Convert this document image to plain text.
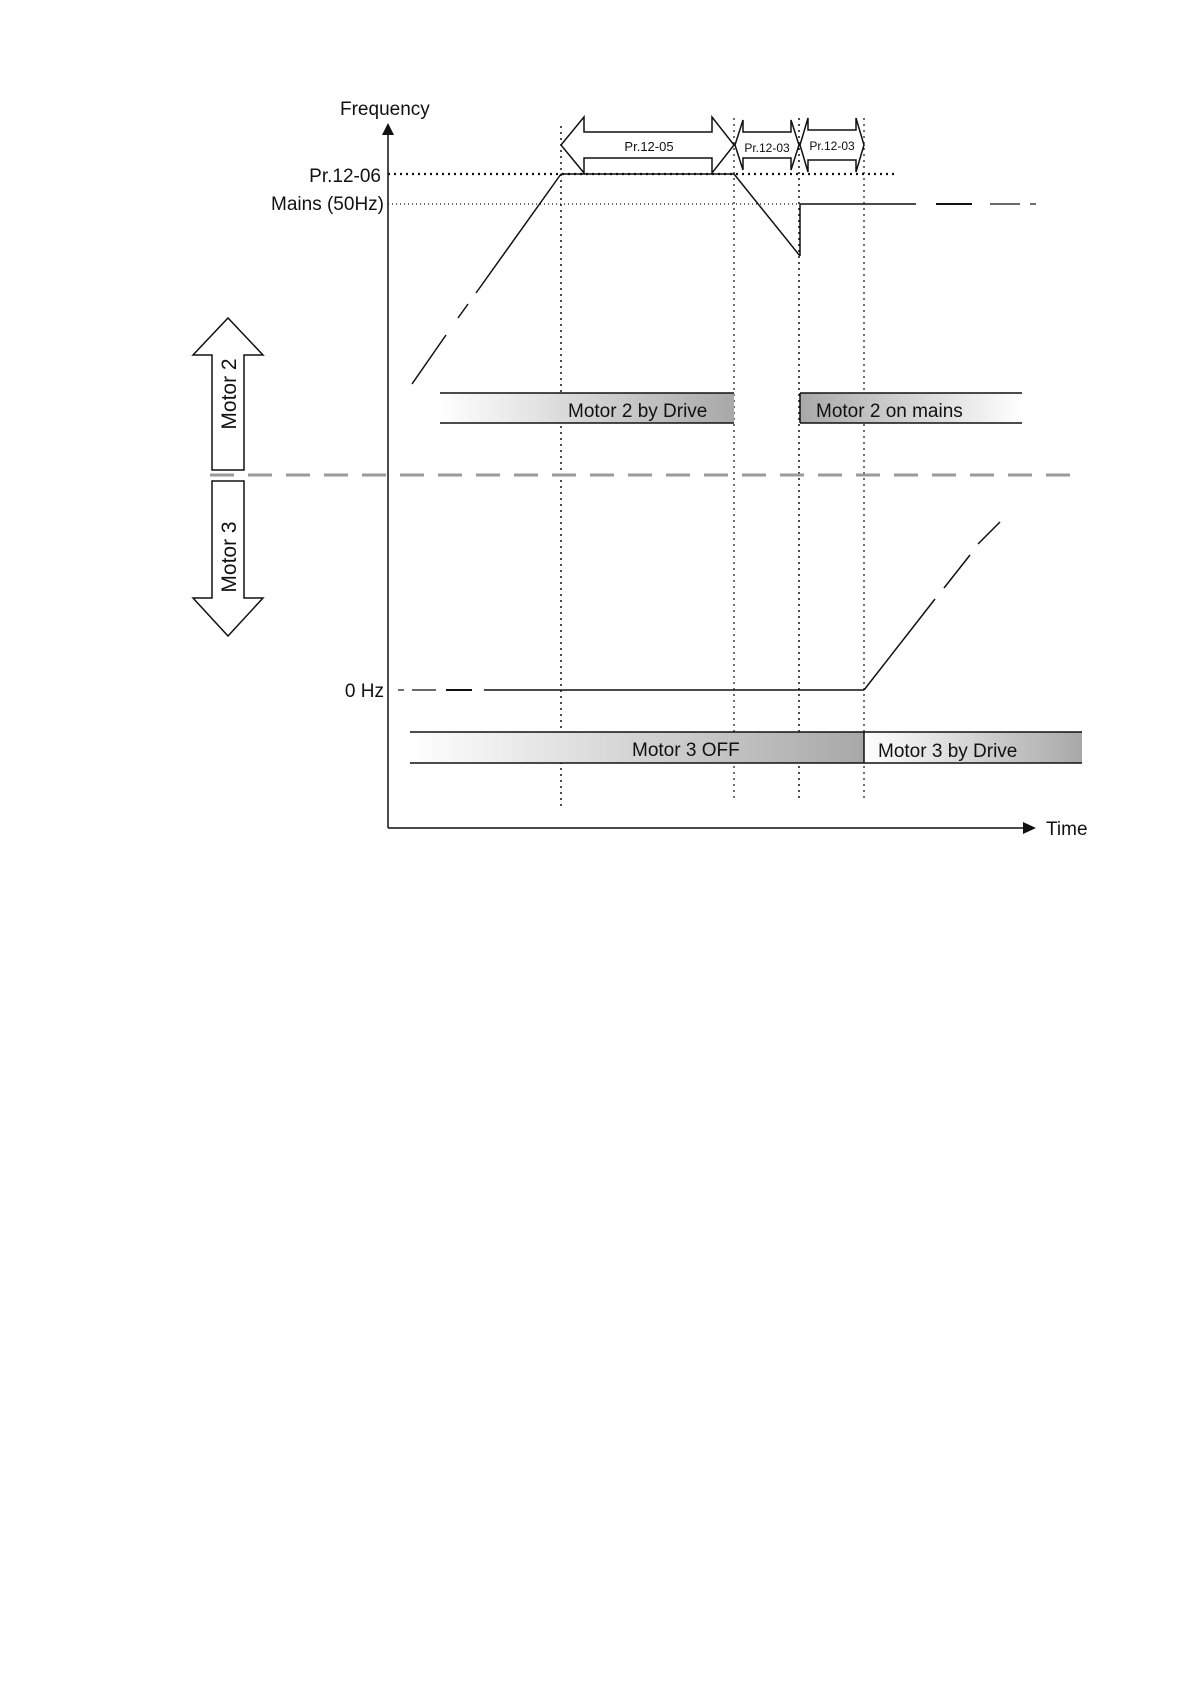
Frequency
Time
Pr.12-06
Mains (50Hz)
0 Hz
Pr.12-05	Pr.12-03 Pr.12-03
Motor 2
Motor 3
Motor 2 by Drive	Motor 2 on mains
Motor 3 OFF	Motor 3 by Drive
